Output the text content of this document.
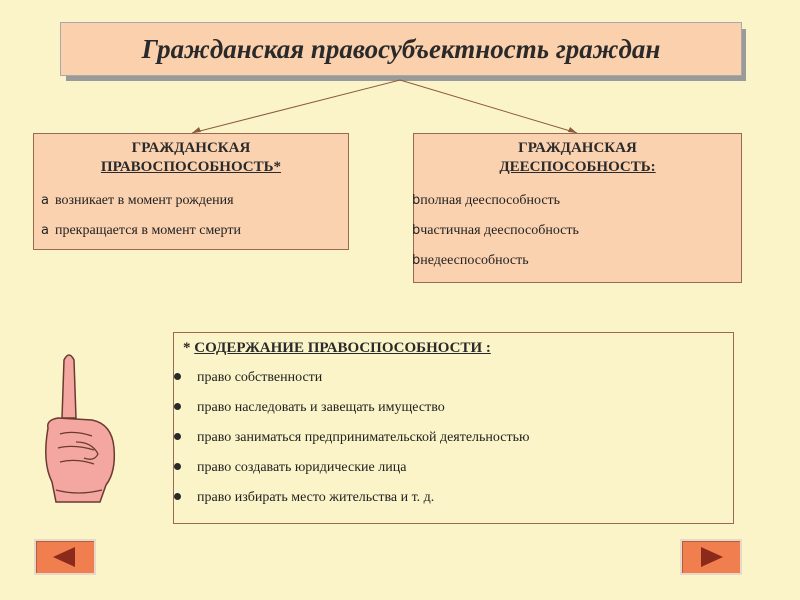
Гражданская правосубъектность граждан
ГРАЖДАНСКАЯ
ПРАВОСПОСОБНОСТЬ*
а возникает в момент рождения
а прекращается в момент смерти
ГРАЖДАНСКАЯ
ДЕЕСПОСОБНОСТЬ:
bполная дееспособность
bчастичная дееспособность
bнедееспособность
* СОДЕРЖАНИЕ ПРАВОСПОСОБНОСТИ :
право собственности
право наследовать и завещать имущество
право заниматься предпринимательской деятельностью
право создавать юридические лица
право избирать место жительства и т. д.
